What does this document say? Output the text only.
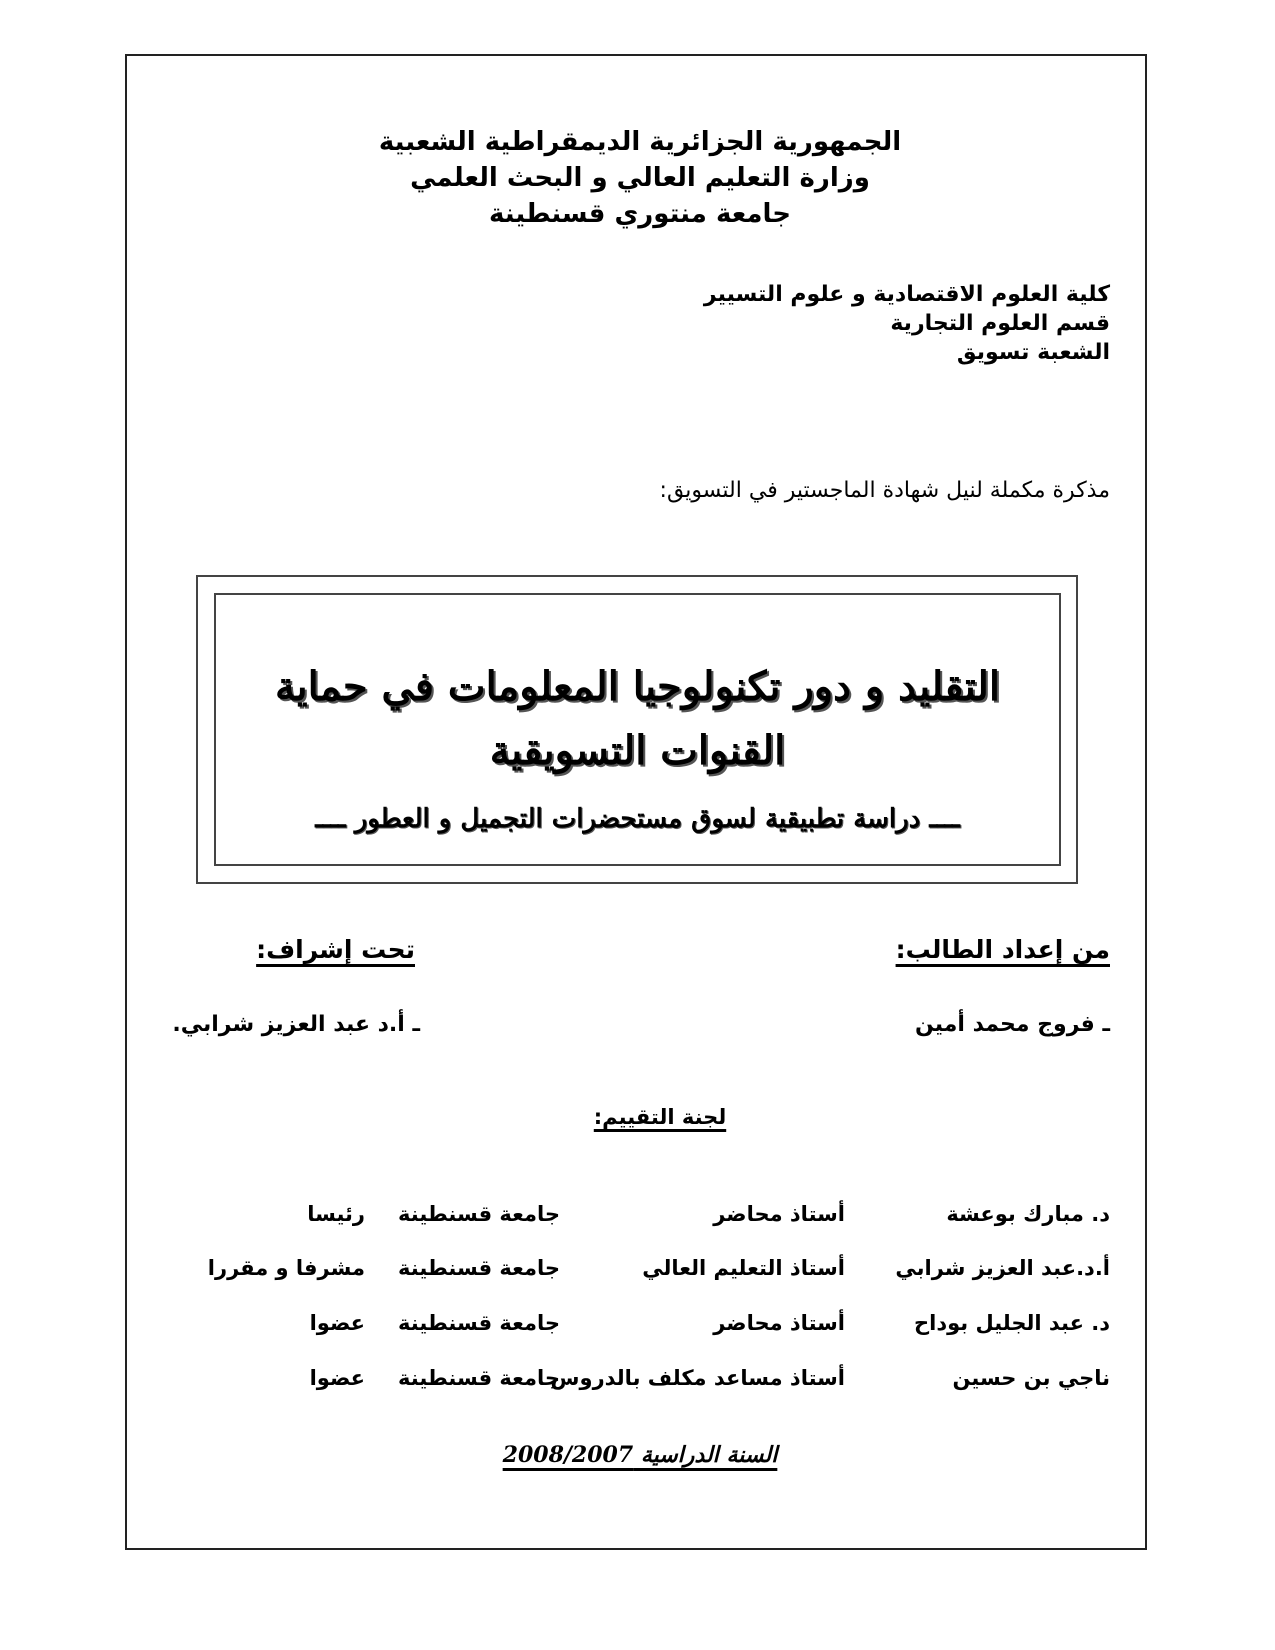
الجمهورية الجزائرية الديمقراطية الشعبية
وزارة التعليم العالي و البحث العلمي
جامعة منتوري قسنطينة
كلية العلوم الاقتصادية و علوم التسيير
قسم العلوم التجارية
الشعبة تسويق
مذكرة مكملة لنيل شهادة الماجستير في التسويق:
التقليد و دور تكنولوجيا المعلومات في حماية القنوات التسويقية
ــــ دراسة تطبيقية لسوق مستحضرات التجميل و العطور ــــ
من إعداد الطالب:
تحت إشراف:
ـ فروج محمد أمين
ـ أ.د عبد العزيز شرابي.
لجنة التقييم:
د. مبارك بوعشة
أستاذ محاضر
جامعة قسنطينة
رئيسا
أ.د.عبد العزيز شرابي
أستاذ التعليم العالي
جامعة قسنطينة
مشرفا و مقررا
د. عبد الجليل بوداح
أستاذ محاضر
جامعة قسنطينة
عضوا
ناجي بن حسين
أستاذ مساعد مكلف بالدروس
جامعة قسنطينة
عضوا
السنة الدراسية 2008/2007
